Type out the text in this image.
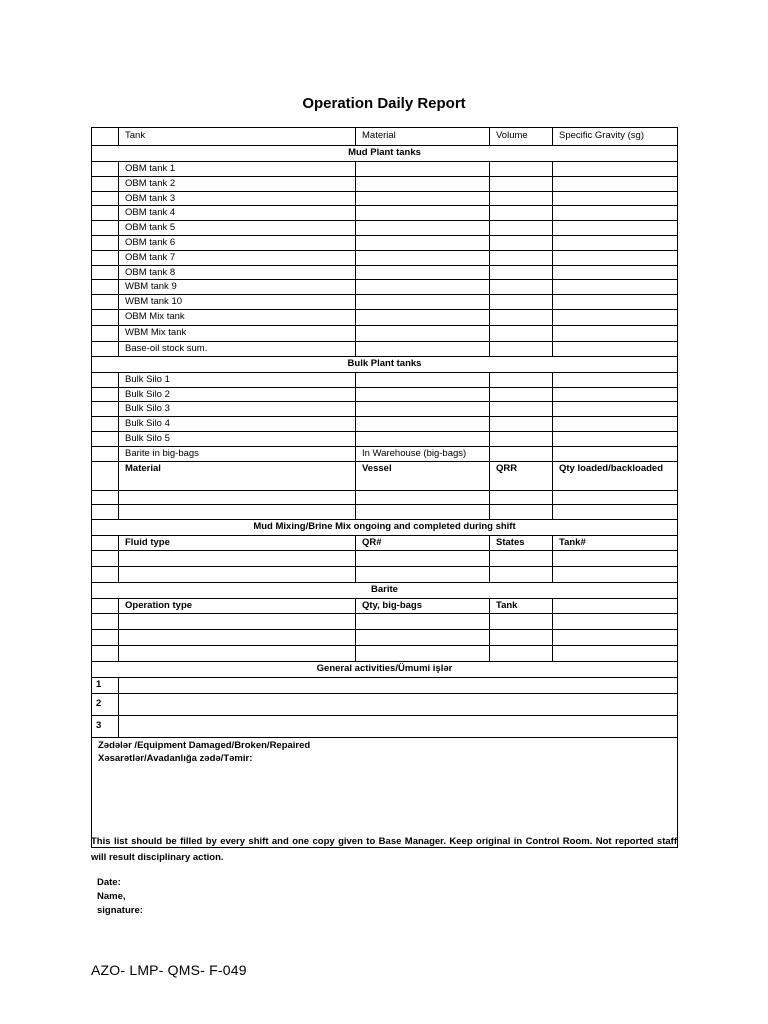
Operation Daily Report
	Tank	Material	Volume	Specific Gravity (sg)
Mud Plant tanks				
	OBM tank 1			
	OBM tank 2			
	OBM tank 3			
	OBM tank 4			
	OBM tank 5			
	OBM tank 6			
	OBM tank 7			
	OBM tank 8			
	WBM tank 9			
	WBM tank 10			
	OBM Mix tank			
	WBM Mix tank			
	Base-oil stock sum.			
Bulk Plant tanks				
	Bulk Silo 1			
	Bulk Silo 2			
	Bulk Silo 3			
	Bulk Silo 4			
	Bulk Silo 5			
	Barite in big-bags	In Warehouse (big-bags)		
	Material	Vessel	QRR	Qty loaded/backloaded

Mud Mixing/Brine Mix ongoing and completed during shift				
	Fluid type	QR#	States	Tank#

Barite				
	Operation type	Qty, big-bags	Tank	

General activities/Ümumi işlər				
1				
2				
3				

Zədələr /Equipment Damaged/Broken/Repaired
Xəsarətlər/Avadanlığa zədə/Təmir:				
This list should be filled by every shift and one copy given to Base Manager. Keep original in Control Room. Not reported staff will result disciplinary action.
Date:
Name,
signature:
AZO- LMP- QMS- F-049
